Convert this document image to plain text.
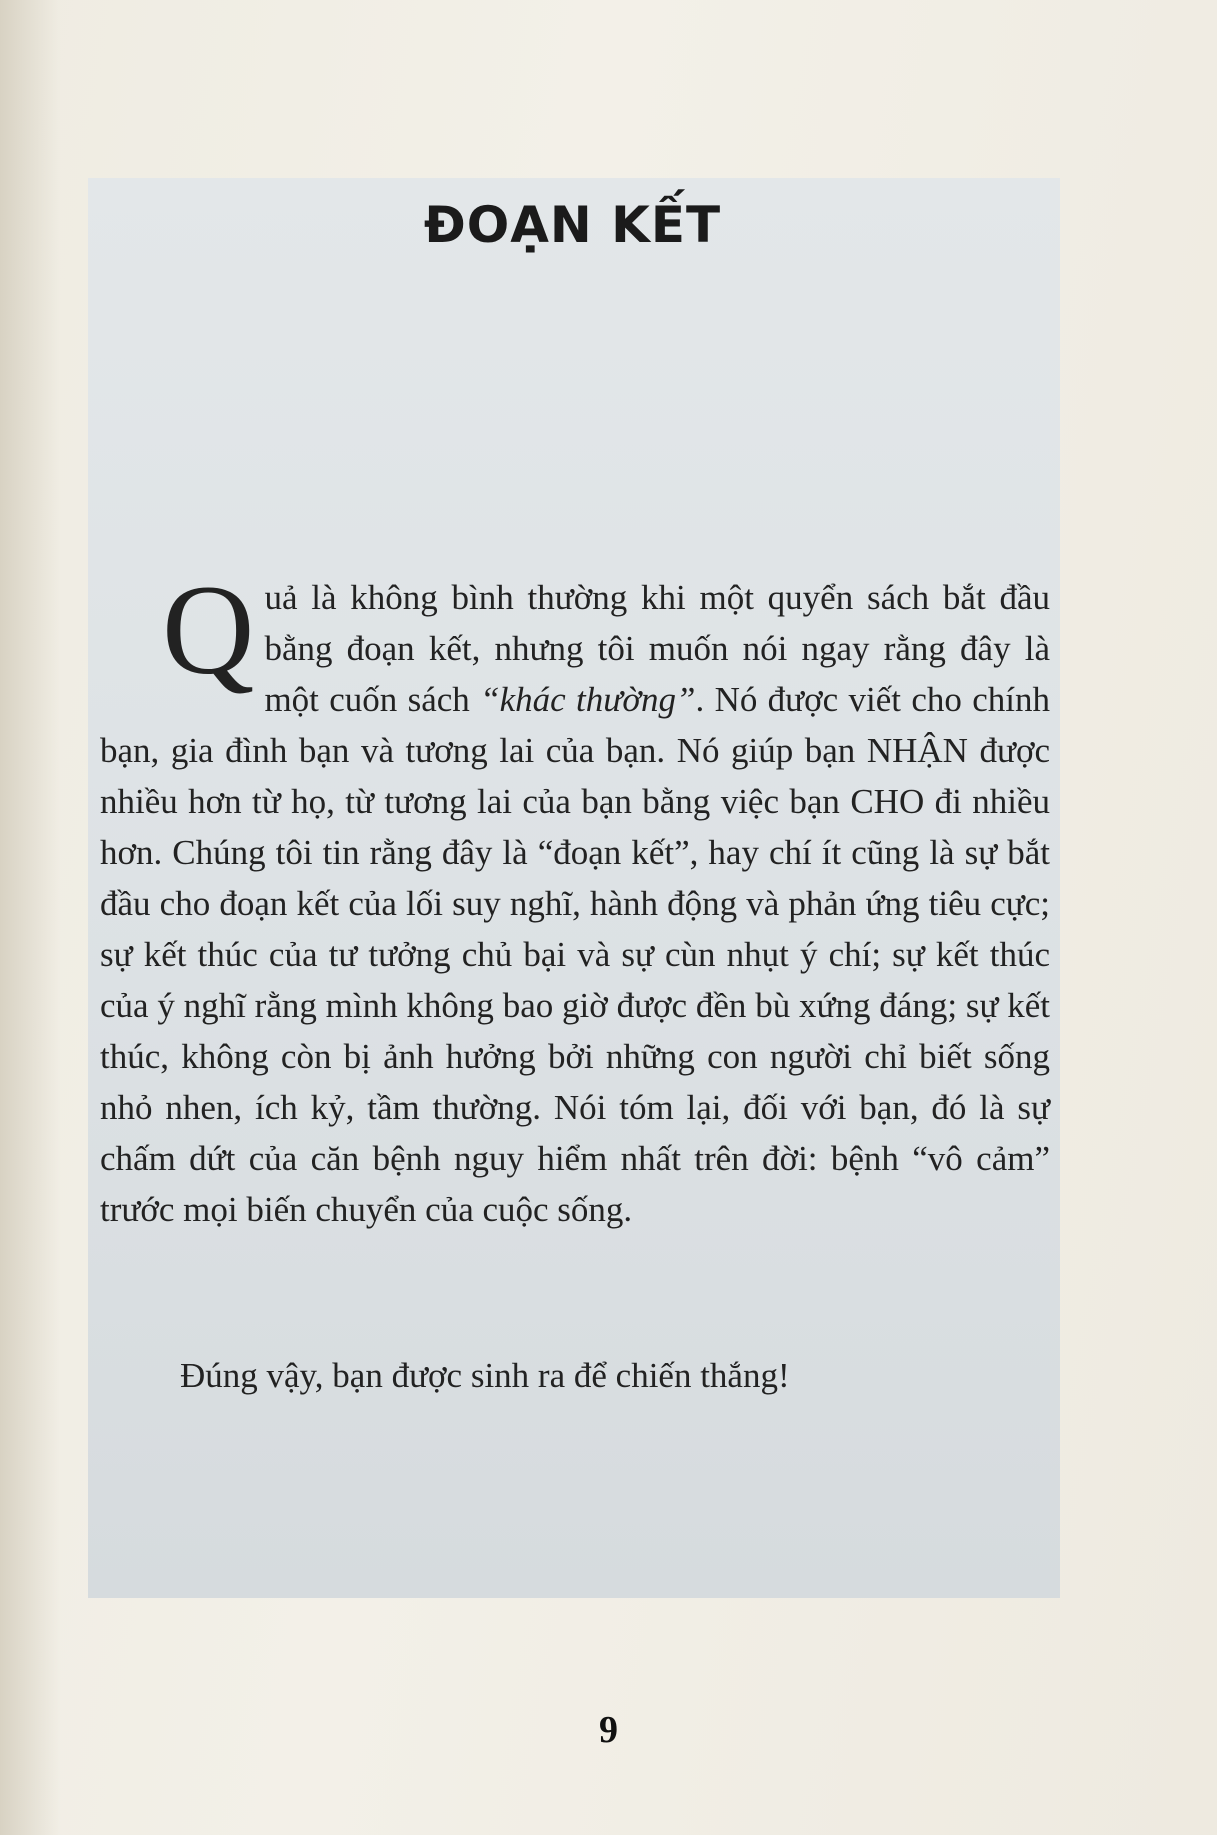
ĐOẠN KẾT

Quả là không bình thường khi một quyển sách bắt đầu bằng đoạn kết, nhưng tôi muốn nói ngay rằng đây là một cuốn sách “khác thường”. Nó được viết cho chính bạn, gia đình bạn và tương lai của bạn. Nó giúp bạn NHẬN được nhiều hơn từ họ, từ tương lai của bạn bằng việc bạn CHO đi nhiều hơn. Chúng tôi tin rằng đây là “đoạn kết”, hay chí ít cũng là sự bắt đầu cho đoạn kết của lối suy nghĩ, hành động và phản ứng tiêu cực; sự kết thúc của tư tưởng chủ bại và sự cùn nhụt ý chí; sự kết thúc của ý nghĩ rằng mình không bao giờ được đền bù xứng đáng; sự kết thúc, không còn bị ảnh hưởng bởi những con người chỉ biết sống nhỏ nhen, ích kỷ, tầm thường. Nói tóm lại, đối với bạn, đó là sự chấm dứt của căn bệnh nguy hiểm nhất trên đời: bệnh “vô cảm” trước mọi biến chuyển của cuộc sống.

Đúng vậy, bạn được sinh ra để chiến thắng!

9
